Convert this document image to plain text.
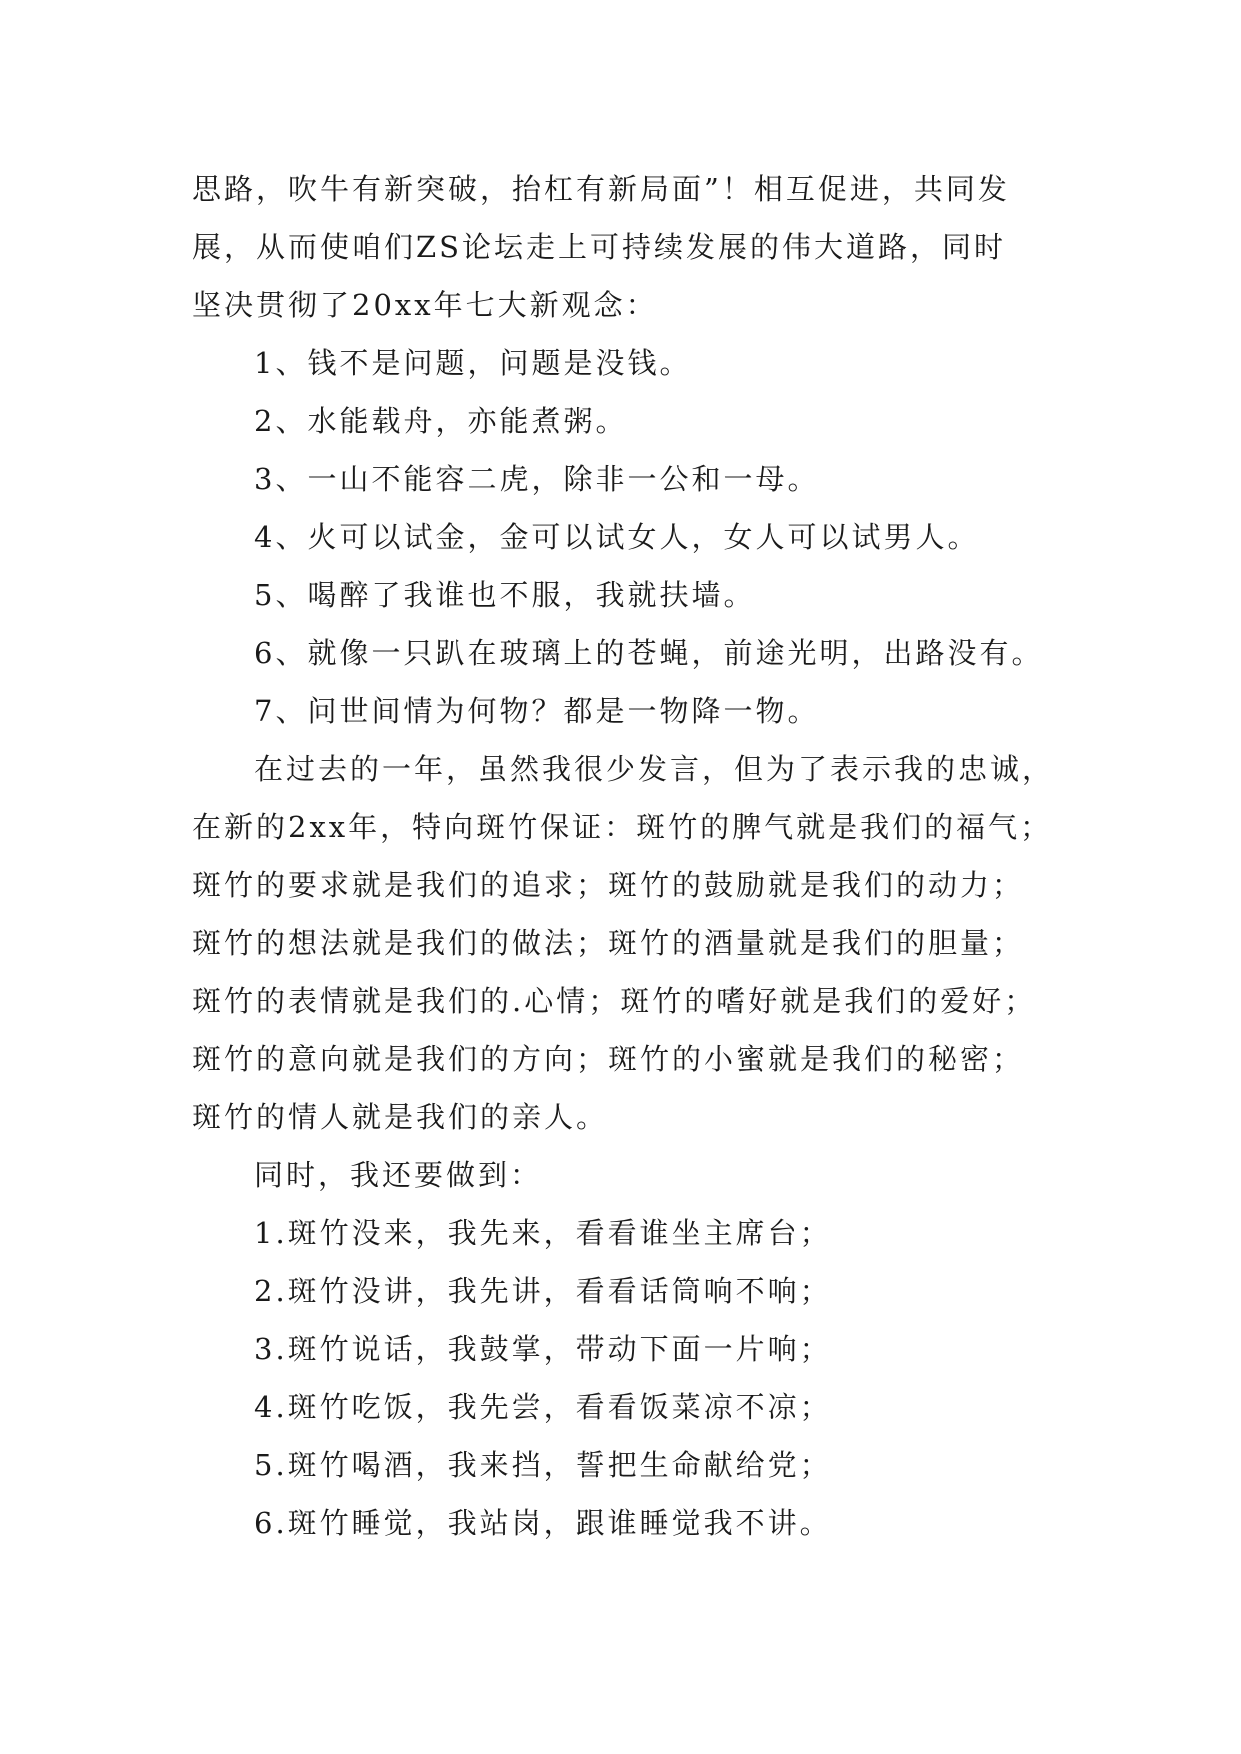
思路，吹牛有新突破，抬杠有新局面”！相互促进，共同发
展，从而使咱们ZS论坛走上可持续发展的伟大道路，同时
坚决贯彻了20xx年七大新观念：
1、钱不是问题，问题是没钱。
2、水能载舟，亦能煮粥。
3、一山不能容二虎，除非一公和一母。
4、火可以试金，金可以试女人，女人可以试男人。
5、喝醉了我谁也不服，我就扶墙。
6、就像一只趴在玻璃上的苍蝇，前途光明，出路没有。
7、问世间情为何物？都是一物降一物。
在过去的一年，虽然我很少发言，但为了表示我的忠诚，
在新的2xx年，特向斑竹保证：斑竹的脾气就是我们的福气；
斑竹的要求就是我们的追求；斑竹的鼓励就是我们的动力；
斑竹的想法就是我们的做法；斑竹的酒量就是我们的胆量；
斑竹的表情就是我们的.心情；斑竹的嗜好就是我们的爱好；
斑竹的意向就是我们的方向；斑竹的小蜜就是我们的秘密；
斑竹的情人就是我们的亲人。
同时，我还要做到：
1.斑竹没来，我先来，看看谁坐主席台；
2.斑竹没讲，我先讲，看看话筒响不响；
3.斑竹说话，我鼓掌，带动下面一片响；
4.斑竹吃饭，我先尝，看看饭菜凉不凉；
5.斑竹喝酒，我来挡，誓把生命献给党；
6.斑竹睡觉，我站岗，跟谁睡觉我不讲。
